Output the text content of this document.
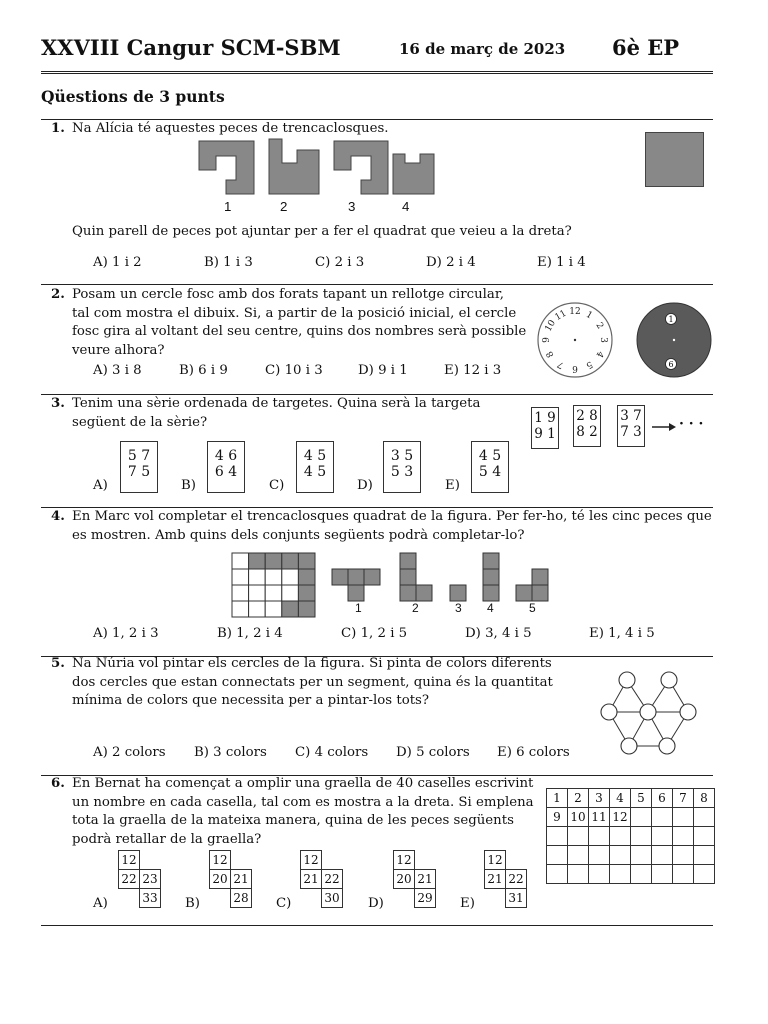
XXVIII Cangur SCM-SBM	16 de març de 2023 6è EP
Qüestions de 3 punts
1. Na Alícia té aquestes peces de trencaclosques.
1	2	3	4
Quin parell de peces pot ajuntar per a fer el quadrat que veieu a la dreta?
A) 1 i 2	B) 1 i 3	C) 2 i 3	D) 2 i 4	E) 1 i 4
2. Posam un cercle fosc amb dos forats tapant un rellotge circular,
tal com mostra el dibuix. Si, a partir de la posició inicial, el cercle
fosc gira al voltant del seu centre, quins dos nombres serà possible
veure alhora?
12 1
2
3
4
5
6
7
8
9
10
11	1
6
A) 3 i 8	B) 6 i 9	C) 10 i 3	D) 9 i 1	E) 12 i 3
3. Tenim una sèrie ordenada de targetes. Quina serà la targeta
següent de la sèrie?	1 9
9 1
2 8
8 2
3 7
7 3	· · ·
5 7
7 5
4 6
6 4
4 5
4 5
3 5
5 3
4 5
5 4
A)	B)	C)	D)	E)
4. En Marc vol completar el trencaclosques quadrat de la figura. Per fer-ho, té les cinc peces que
es mostren. Amb quins dels conjunts següents podrà completar-lo?
1	2	3 4	5
A) 1, 2 i 3	B) 1, 2 i 4	C) 1, 2 i 5	D) 3, 4 i 5	E) 1, 4 i 5
5. Na Núria vol pintar els cercles de la figura. Si pinta de colors diferents
dos cercles que estan connectats per un segment, quina és la quantitat
mínima de colors que necessita per a pintar-los tots?
A) 2 colors B) 3 colors C) 4 colors D) 5 colors E) 6 colors
6. En Bernat ha començat a omplir una graella de 40 caselles escrivint
un nombre en cada casella, tal com es mostra a la dreta. Si emplena
tota la graella de la mateixa manera, quina de les peces següents
podrà retallar de la graella?
1	2	3	4	5	6	7	8
9	10	11	12				

12	
22	23
	33
12	
20	21
	28
12	
21	22
	30
12	
20	21
	29
12	
21	22
	31
A)	B)	C)	D)	E)
